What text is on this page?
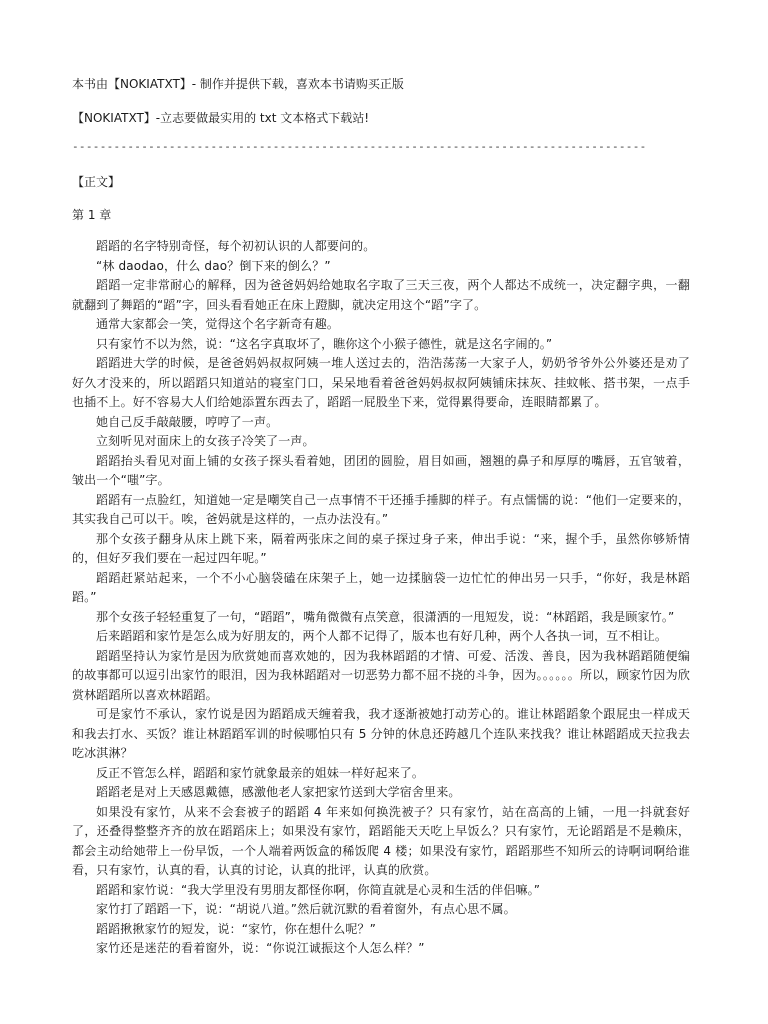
本书由【NOKIATXT】- 制作并提供下载，喜欢本书请购买正版
【NOKIATXT】-立志要做最实用的 txt 文本格式下载站!
-----------------------------------------------------------------------------------
【正文】
第 1 章

蹈蹈的名字特别奇怪，每个初初认识的人都要问的。

“林 daodao，什么 dao？倒下来的倒么？”

蹈蹈一定非常耐心的解释，因为爸爸妈妈给她取名字取了三天三夜，两个人都达不成统一，决定翻字典，一翻就翻到了舞蹈的“蹈”字，回头看看她正在床上蹬脚，就决定用这个“蹈”字了。

通常大家都会一笑，觉得这个名字新奇有趣。

只有家竹不以为然，说：“这名字真取坏了，瞧你这个小猴子德性，就是这名字闹的。”

蹈蹈进大学的时候，是爸爸妈妈叔叔阿姨一堆人送过去的，浩浩荡荡一大家子人，奶奶爷爷外公外婆还是劝了好久才没来的，所以蹈蹈只知道站的寝室门口，呆呆地看着爸爸妈妈叔叔阿姨铺床抹灰、挂蚊帐、搭书架，一点手也插不上。好不容易大人们给她添置东西去了，蹈蹈一屁股坐下来，觉得累得要命，连眼睛都累了。

她自己反手敲敲腰，哼哼了一声。

立刻听见对面床上的女孩子冷笑了一声。

蹈蹈抬头看见对面上铺的女孩子探头看着她，团团的圆脸，眉目如画，翘翘的鼻子和厚厚的嘴唇，五官皱着，皱出一个“嗤”字。

蹈蹈有一点脸红，知道她一定是嘲笑自己一点事情不干还捶手捶脚的样子。有点懦懦的说：“他们一定要来的，其实我自己可以干。唉，爸妈就是这样的，一点办法没有。”

那个女孩子翻身从床上跳下来，隔着两张床之间的桌子探过身子来，伸出手说：“来，握个手，虽然你够矫情的，但好歹我们要在一起过四年呢。”

蹈蹈赶紧站起来，一个不小心脑袋磕在床架子上，她一边揉脑袋一边忙忙的伸出另一只手，“你好，我是林蹈蹈。”

那个女孩子轻轻重复了一句，“蹈蹈”，嘴角微微有点笑意，很潇洒的一甩短发，说：“林蹈蹈，我是顾家竹。”

后来蹈蹈和家竹是怎么成为好朋友的，两个人都不记得了，版本也有好几种，两个人各执一词，互不相让。

蹈蹈坚持认为家竹是因为欣赏她而喜欢她的，因为我林蹈蹈的才情、可爱、活泼、善良，因为我林蹈蹈随便编的故事都可以逗引出家竹的眼泪，因为我林蹈蹈对一切恶势力都不屈不挠的斗争，因为。。。。。。所以，顾家竹因为欣赏林蹈蹈所以喜欢林蹈蹈。

可是家竹不承认，家竹说是因为蹈蹈成天缠着我，我才逐渐被她打动芳心的。谁让林蹈蹈象个跟屁虫一样成天和我去打水、买饭？谁让林蹈蹈军训的时候哪怕只有 5 分钟的休息还跨越几个连队来找我？谁让林蹈蹈成天拉我去吃冰淇淋？

反正不管怎么样，蹈蹈和家竹就象最亲的姐妹一样好起来了。

蹈蹈老是对上天感恩戴德，感激他老人家把家竹送到大学宿舍里来。

如果没有家竹，从来不会套被子的蹈蹈 4 年来如何换洗被子？只有家竹，站在高高的上铺，一甩一抖就套好了，还叠得整整齐齐的放在蹈蹈床上；如果没有家竹，蹈蹈能天天吃上早饭么？只有家竹，无论蹈蹈是不是赖床，都会主动给她带上一份早饭，一个人端着两饭盒的稀饭爬 4 楼；如果没有家竹，蹈蹈那些不知所云的诗啊词啊给谁看，只有家竹，认真的看，认真的讨论，认真的批评，认真的欣赏。

蹈蹈和家竹说：“我大学里没有男朋友都怪你啊，你简直就是心灵和生活的伴侣嘛。”

家竹打了蹈蹈一下，说：“胡说八道。”然后就沉默的看着窗外，有点心思不属。

蹈蹈揪揪家竹的短发，说：“家竹，你在想什么呢？”

家竹还是迷茫的看着窗外，说：“你说江诚振这个人怎么样？”
